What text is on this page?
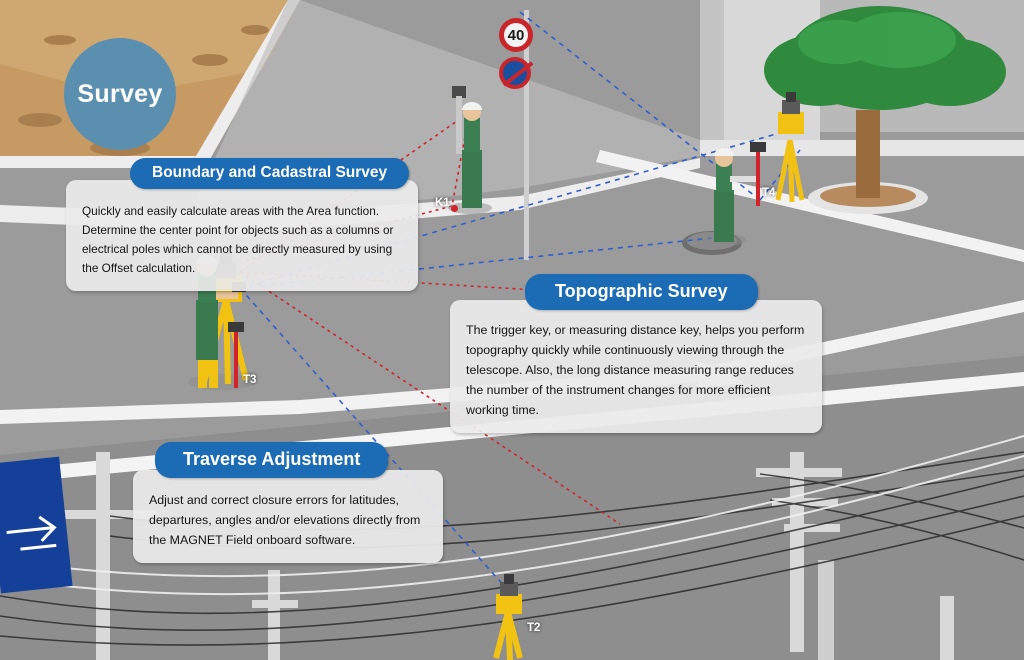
40
Survey
Quickly and easily calculate areas with the Area function. Determine the center point for objects such as a columns or electrical poles which cannot be directly measured by using the Offset calculation.
Boundary and Cadastral Survey
The trigger key, or measuring distance key, helps you perform topography quickly while continuously viewing through the telescope. Also, the long distance measuring range reduces the number of the instrument changes for more efficient working time.
Topographic Survey
Adjust and correct closure errors for latitudes, departures, angles and/or elevations directly from the MAGNET Field onboard software.
Traverse Adjustment
K1
T4
T3
T2
